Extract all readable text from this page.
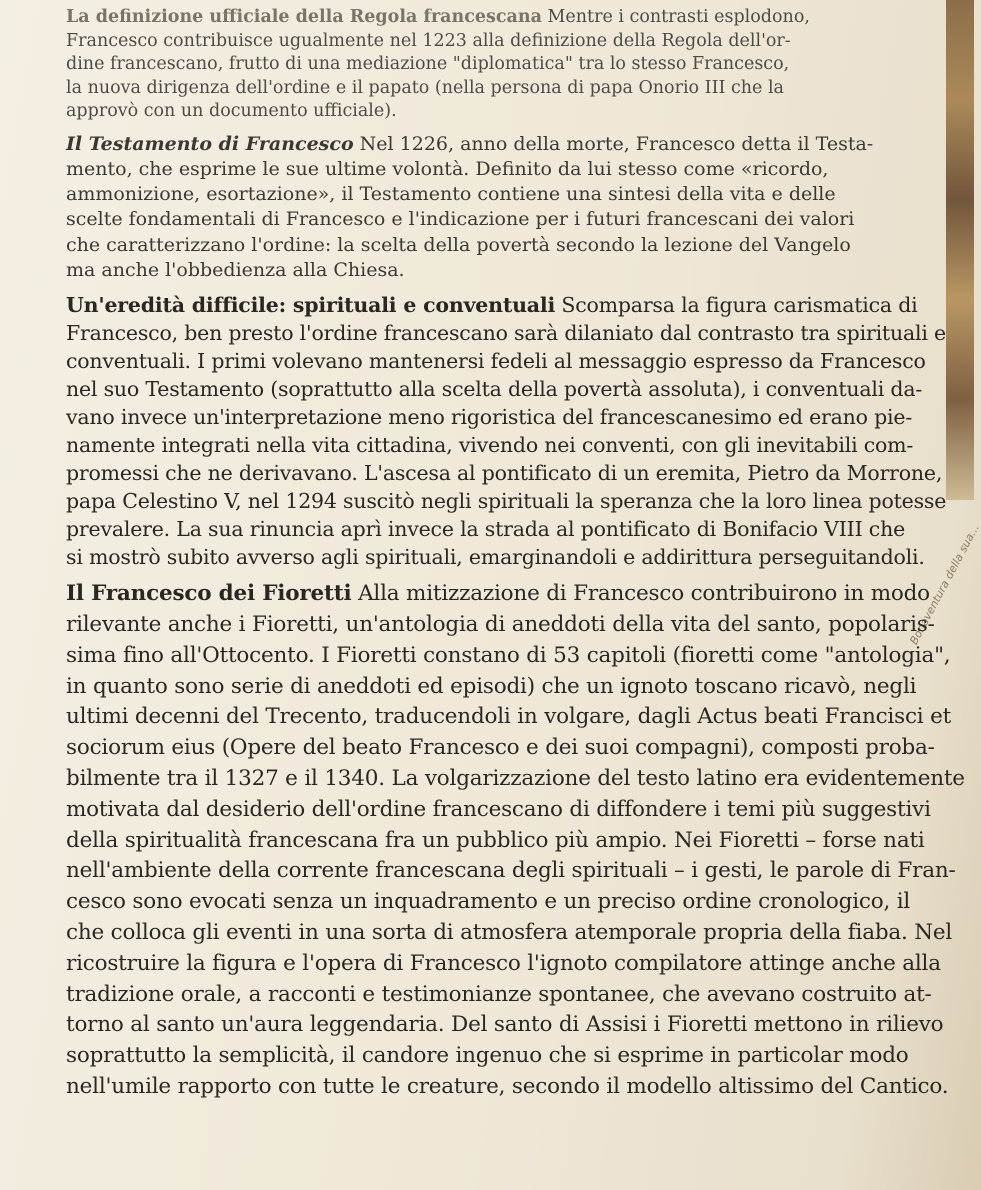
Bonaventura della sua...

La definizione ufficiale della Regola francescana Mentre i contrasti esplodono,
Francesco contribuisce ugualmente nel 1223 alla definizione della Regola dell'or-
dine francescano, frutto di una mediazione "diplomatica" tra lo stesso Francesco,
la nuova dirigenza dell'ordine e il papato (nella persona di papa Onorio III che la
approvò con un documento ufficiale).

Il Testamento di Francesco Nel 1226, anno della morte, Francesco detta il Testa-
mento, che esprime le sue ultime volontà. Definito da lui stesso come «ricordo,
ammonizione, esortazione», il Testamento contiene una sintesi della vita e delle
scelte fondamentali di Francesco e l'indicazione per i futuri francescani dei valori
che caratterizzano l'ordine: la scelta della povertà secondo la lezione del Vangelo
ma anche l'obbedienza alla Chiesa.

Un'eredità difficile: spirituali e conventuali Scomparsa la figura carismatica di
Francesco, ben presto l'ordine francescano sarà dilaniato dal contrasto tra spirituali e
conventuali. I primi volevano mantenersi fedeli al messaggio espresso da Francesco
nel suo Testamento (soprattutto alla scelta della povertà assoluta), i conventuali da-
vano invece un'interpretazione meno rigoristica del francescanesimo ed erano pie-
namente integrati nella vita cittadina, vivendo nei conventi, con gli inevitabili com-
promessi che ne derivavano. L'ascesa al pontificato di un eremita, Pietro da Morrone,
papa Celestino V, nel 1294 suscitò negli spirituali la speranza che la loro linea potesse
prevalere. La sua rinuncia aprì invece la strada al pontificato di Bonifacio VIII che
si mostrò subito avverso agli spirituali, emarginandoli e addirittura perseguitandoli.

Il Francesco dei Fioretti Alla mitizzazione di Francesco contribuirono in modo
rilevante anche i Fioretti, un'antologia di aneddoti della vita del santo, popolaris-
sima fino all'Ottocento. I Fioretti constano di 53 capitoli (fioretti come "antologia",
in quanto sono serie di aneddoti ed episodi) che un ignoto toscano ricavò, negli
ultimi decenni del Trecento, traducendoli in volgare, dagli Actus beati Francisci et
sociorum eius (Opere del beato Francesco e dei suoi compagni), composti proba-
bilmente tra il 1327 e il 1340. La volgarizzazione del testo latino era evidentemente
motivata dal desiderio dell'ordine francescano di diffondere i temi più suggestivi
della spiritualità francescana fra un pubblico più ampio. Nei Fioretti – forse nati
nell'ambiente della corrente francescana degli spirituali – i gesti, le parole di Fran-
cesco sono evocati senza un inquadramento e un preciso ordine cronologico, il
che colloca gli eventi in una sorta di atmosfera atemporale propria della fiaba. Nel
ricostruire la figura e l'opera di Francesco l'ignoto compilatore attinge anche alla
tradizione orale, a racconti e testimonianze spontanee, che avevano costruito at-
torno al santo un'aura leggendaria. Del santo di Assisi i Fioretti mettono in rilievo
soprattutto la semplicità, il candore ingenuo che si esprime in particolar modo
nell'umile rapporto con tutte le creature, secondo il modello altissimo del Cantico.
